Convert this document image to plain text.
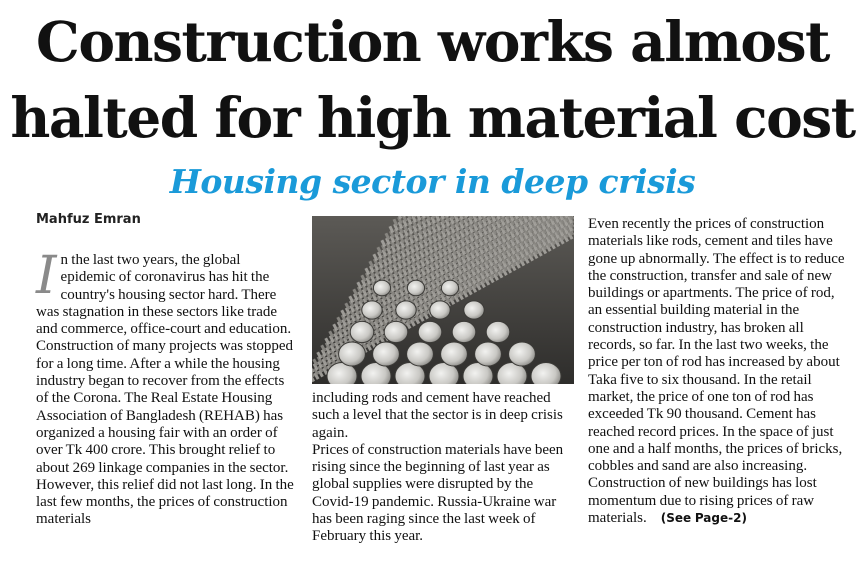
Construction works almost
halted for high material cost
Housing sector in deep crisis
Mahfuz Emran
I n the last two years, the global epidemic of coronavirus has hit the country's housing sector hard. There was stagnation in these sectors like trade and commerce, office-court and education. Construction of many projects was stopped for a long time. After a while the housing industry began to recover from the effects of the Corona. The Real Estate Housing Association of Bangladesh (REHAB) has organized a housing fair with an order of over Tk 400 crore. This brought relief to about 269 linkage companies in the sector. However, this relief did not last long. In the last few months, the prices of construction materials

including rods and cement have reached such a level that the sector is in deep crisis again.

Prices of construction materials have been rising since the beginning of last year as global supplies were disrupted by the Covid-19 pandemic. Russia-Ukraine war has been raging since the last week of February this year.

Even recently the prices of construction materials like rods, cement and tiles have gone up abnormally. The effect is to reduce the construction, transfer and sale of new buildings or apartments. The price of rod, an essential building material in the construction industry, has broken all records, so far. In the last two weeks, the price per ton of rod has increased by about Taka five to six thousand. In the retail market, the price of one ton of rod has exceeded Tk 90 thousand. Cement has reached record prices. In the space of just one and a half months, the prices of bricks, cobbles and sand are also increasing. Construction of new buildings has lost momentum due to rising prices of raw materials. (See Page-2)
